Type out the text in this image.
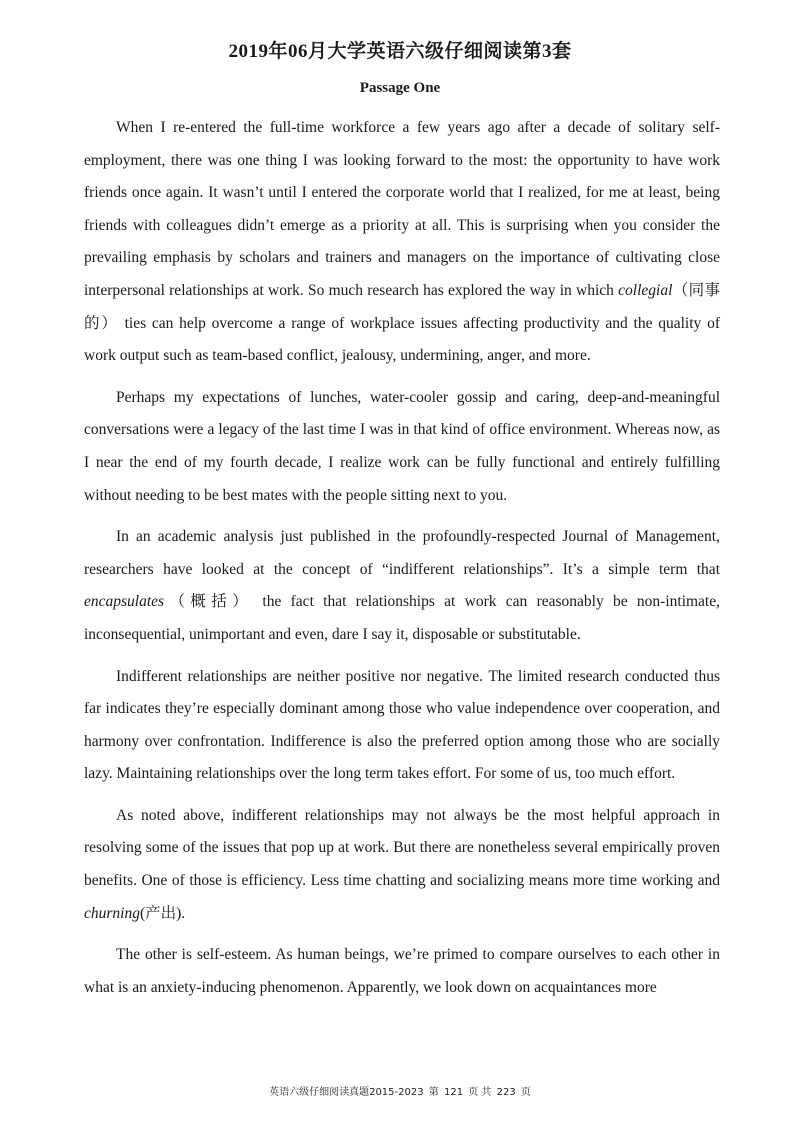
2019年06月大学英语六级仔细阅读第3套
Passage One

When I re-entered the full-time workforce a few years ago after a decade of solitary self-employment, there was one thing I was looking forward to the most: the opportunity to have work friends once again. It wasn’t until I entered the corporate world that I realized, for me at least, being friends with colleagues didn’t emerge as a priority at all. This is surprising when you consider the prevailing emphasis by scholars and trainers and managers on the importance of cultivating close interpersonal relationships at work. So much research has explored the way in which collegial（同事的） ties can help overcome a range of workplace issues affecting productivity and the quality of work output such as team-based conflict, jealousy, undermining, anger, and more.

Perhaps my expectations of lunches, water-cooler gossip and caring, deep-and-meaningful conversations were a legacy of the last time I was in that kind of office environment. Whereas now, as I near the end of my fourth decade, I realize work can be fully functional and entirely fulfilling without needing to be best mates with the people sitting next to you.

In an academic analysis just published in the profoundly-respected Journal of Management, researchers have looked at the concept of “indifferent relationships”. It’s a simple term that encapsulates（概括） the fact that relationships at work can reasonably be non-intimate, inconsequential, unimportant and even, dare I say it, disposable or substitutable.

Indifferent relationships are neither positive nor negative. The limited research conducted thus far indicates they’re especially dominant among those who value independence over cooperation, and harmony over confrontation. Indifference is also the preferred option among those who are socially lazy. Maintaining relationships over the long term takes effort. For some of us, too much effort.

As noted above, indifferent relationships may not always be the most helpful approach in resolving some of the issues that pop up at work. But there are nonetheless several empirically proven benefits. One of those is efficiency. Less time chatting and socializing means more time working and churning(产出).

The other is self-esteem. As human beings, we’re primed to compare ourselves to each other in what is an anxiety-inducing phenomenon. Apparently, we look down on acquaintances more

英语六级仔细阅读真题2015-2023 第 121 页 共 223 页
